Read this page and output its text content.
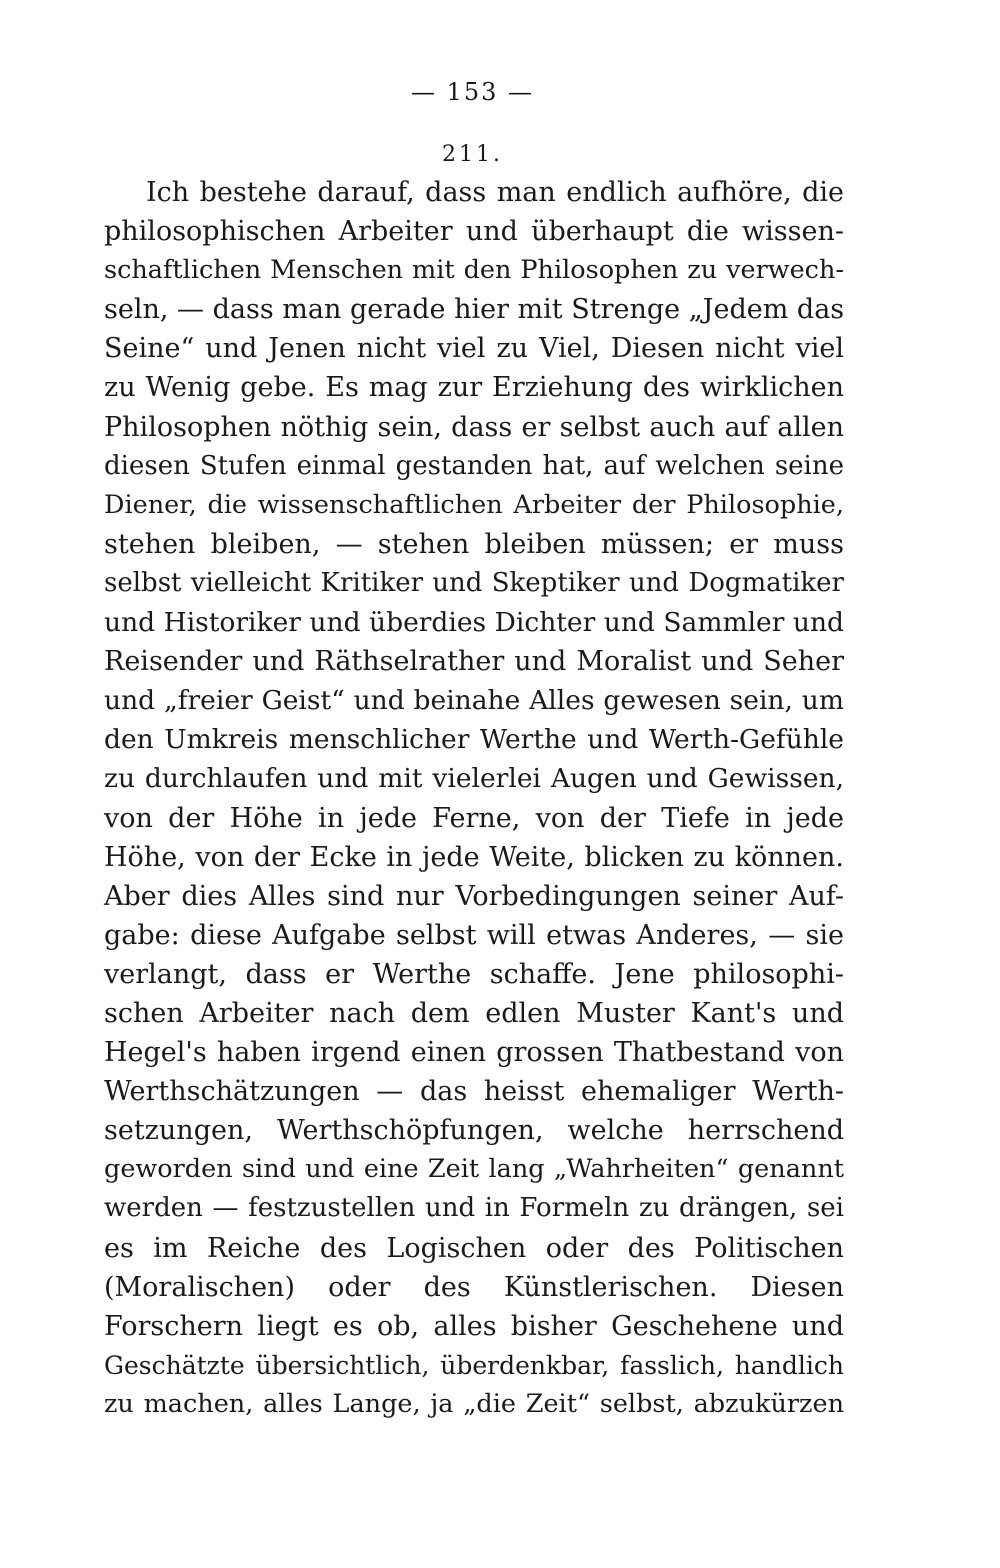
— 153 —
211.
Ich bestehe darauf, dass man endlich aufhöre, die
philosophischen Arbeiter und überhaupt die wissen-
schaftlichen Menschen mit den Philosophen zu verwech-
seln, — dass man gerade hier mit Strenge „Jedem das
Seine“ und Jenen nicht viel zu Viel, Diesen nicht viel
zu Wenig gebe. Es mag zur Erziehung des wirklichen
Philosophen nöthig sein, dass er selbst auch auf allen
diesen Stufen einmal gestanden hat, auf welchen seine
Diener, die wissenschaftlichen Arbeiter der Philosophie,
stehen bleiben, — stehen bleiben müssen; er muss
selbst vielleicht Kritiker und Skeptiker und Dogmatiker
und Historiker und überdies Dichter und Sammler und
Reisender und Räthselrather und Moralist und Seher
und „freier Geist“ und beinahe Alles gewesen sein, um
den Umkreis menschlicher Werthe und Werth-Gefühle
zu durchlaufen und mit vielerlei Augen und Gewissen,
von der Höhe in jede Ferne, von der Tiefe in jede
Höhe, von der Ecke in jede Weite, blicken zu können.
Aber dies Alles sind nur Vorbedingungen seiner Auf-
gabe: diese Aufgabe selbst will etwas Anderes, — sie
verlangt, dass er Werthe schaffe. Jene philosophi-
schen Arbeiter nach dem edlen Muster Kant's und
Hegel's haben irgend einen grossen Thatbestand von
Werthschätzungen — das heisst ehemaliger Werth-
setzungen, Werthschöpfungen, welche herrschend
geworden sind und eine Zeit lang „Wahrheiten“ genannt
werden — festzustellen und in Formeln zu drängen, sei
es im Reiche des Logischen oder des Politischen
(Moralischen) oder des Künstlerischen. Diesen
Forschern liegt es ob, alles bisher Geschehene und
Geschätzte übersichtlich, überdenkbar, fasslich, handlich
zu machen, alles Lange, ja „die Zeit“ selbst, abzukürzen
